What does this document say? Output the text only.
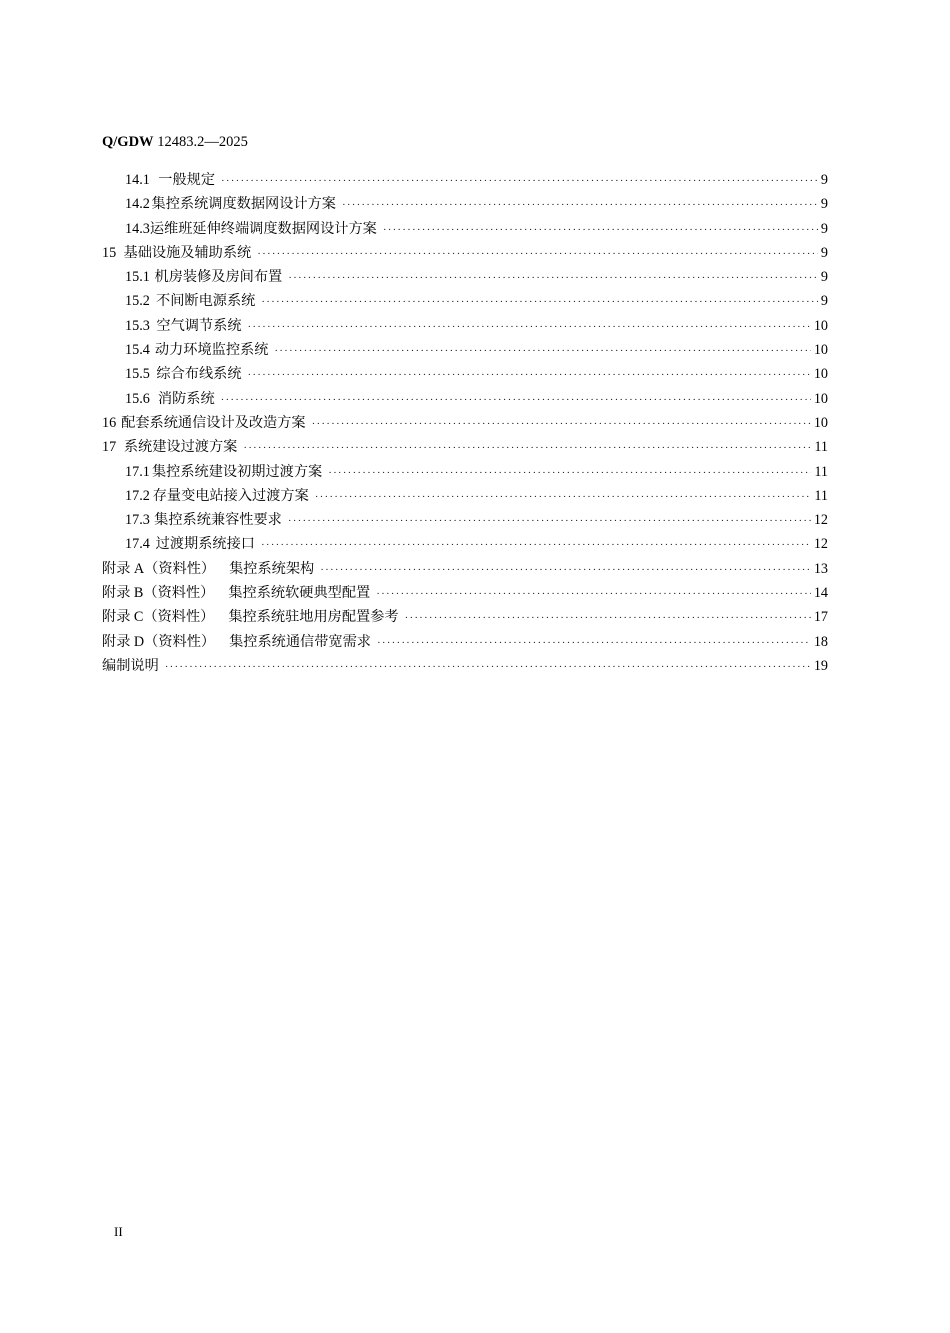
Q/GDW 12483.2—2025
14.1 一般规定 ·····	9
14.2 集控系统调度数据网设计方案 ·····	9
14.3 运维班延伸终端调度数据网设计方案 ·····	9
15 基础设施及辅助系统 ·····	9
15.1 机房装修及房间布置 ·····	9
15.2 不间断电源系统 ·····	9
15.3 空气调节系统 ·····	10
15.4 动力环境监控系统 ·····	10
15.5 综合布线系统 ·····	10
15.6 消防系统 ·····	10
16 配套系统通信设计及改造方案 ·····	10
17 系统建设过渡方案 ·····	11
17.1 集控系统建设初期过渡方案 ·····	11
17.2 存量变电站接入过渡方案 ·····	11
17.3 集控系统兼容性要求 ·····	12
17.4 过渡期系统接口 ·····	12
附录 A（资料性） 集控系统架构 ·····	13
附录 B（资料性） 集控系统软硬典型配置 ·····	14
附录 C（资料性） 集控系统驻地用房配置参考 ·····	17
附录 D（资料性） 集控系统通信带宽需求 ·····	18
编制说明 ·····	19
II
